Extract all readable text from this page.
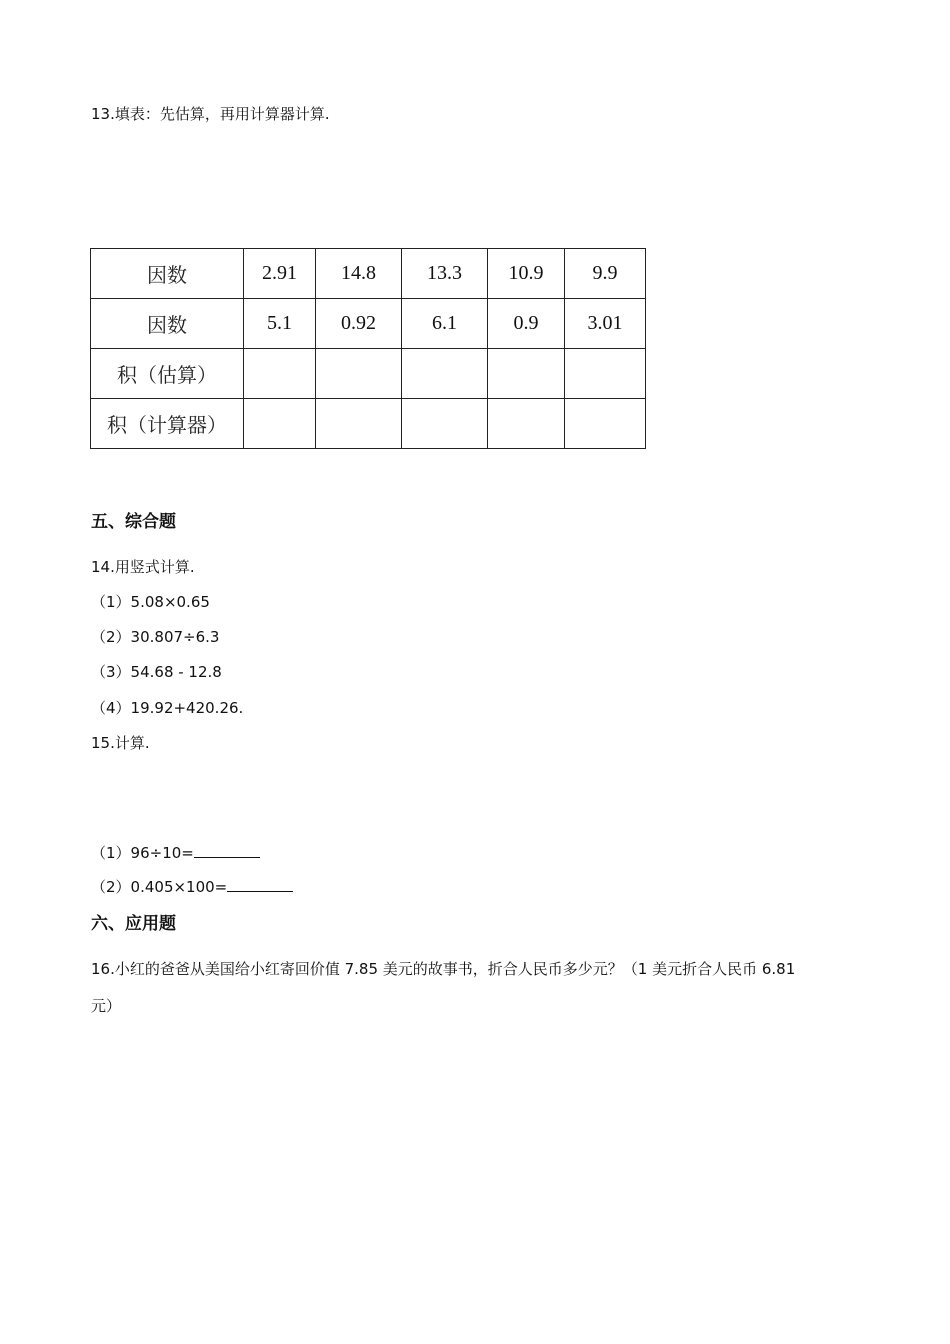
13.填表：先估算，再用计算器计算.
因数	2.91	14.8	13.3	10.9	9.9
因数	5.1	0.92	6.1	0.9	3.01
积（估算）					
积（计算器）					
五、综合题
14.用竖式计算.
（1）5.08×0.65
（2）30.807÷6.3
（3）54.68 - 12.8
（4）19.92+420.26.
15.计算.
（1）96÷10=
（2）0.405×100=
六、应用题
16.小红的爸爸从美国给小红寄回价值 7.85 美元的故事书，折合人民币多少元？（1 美元折合人民币 6.81
元）
